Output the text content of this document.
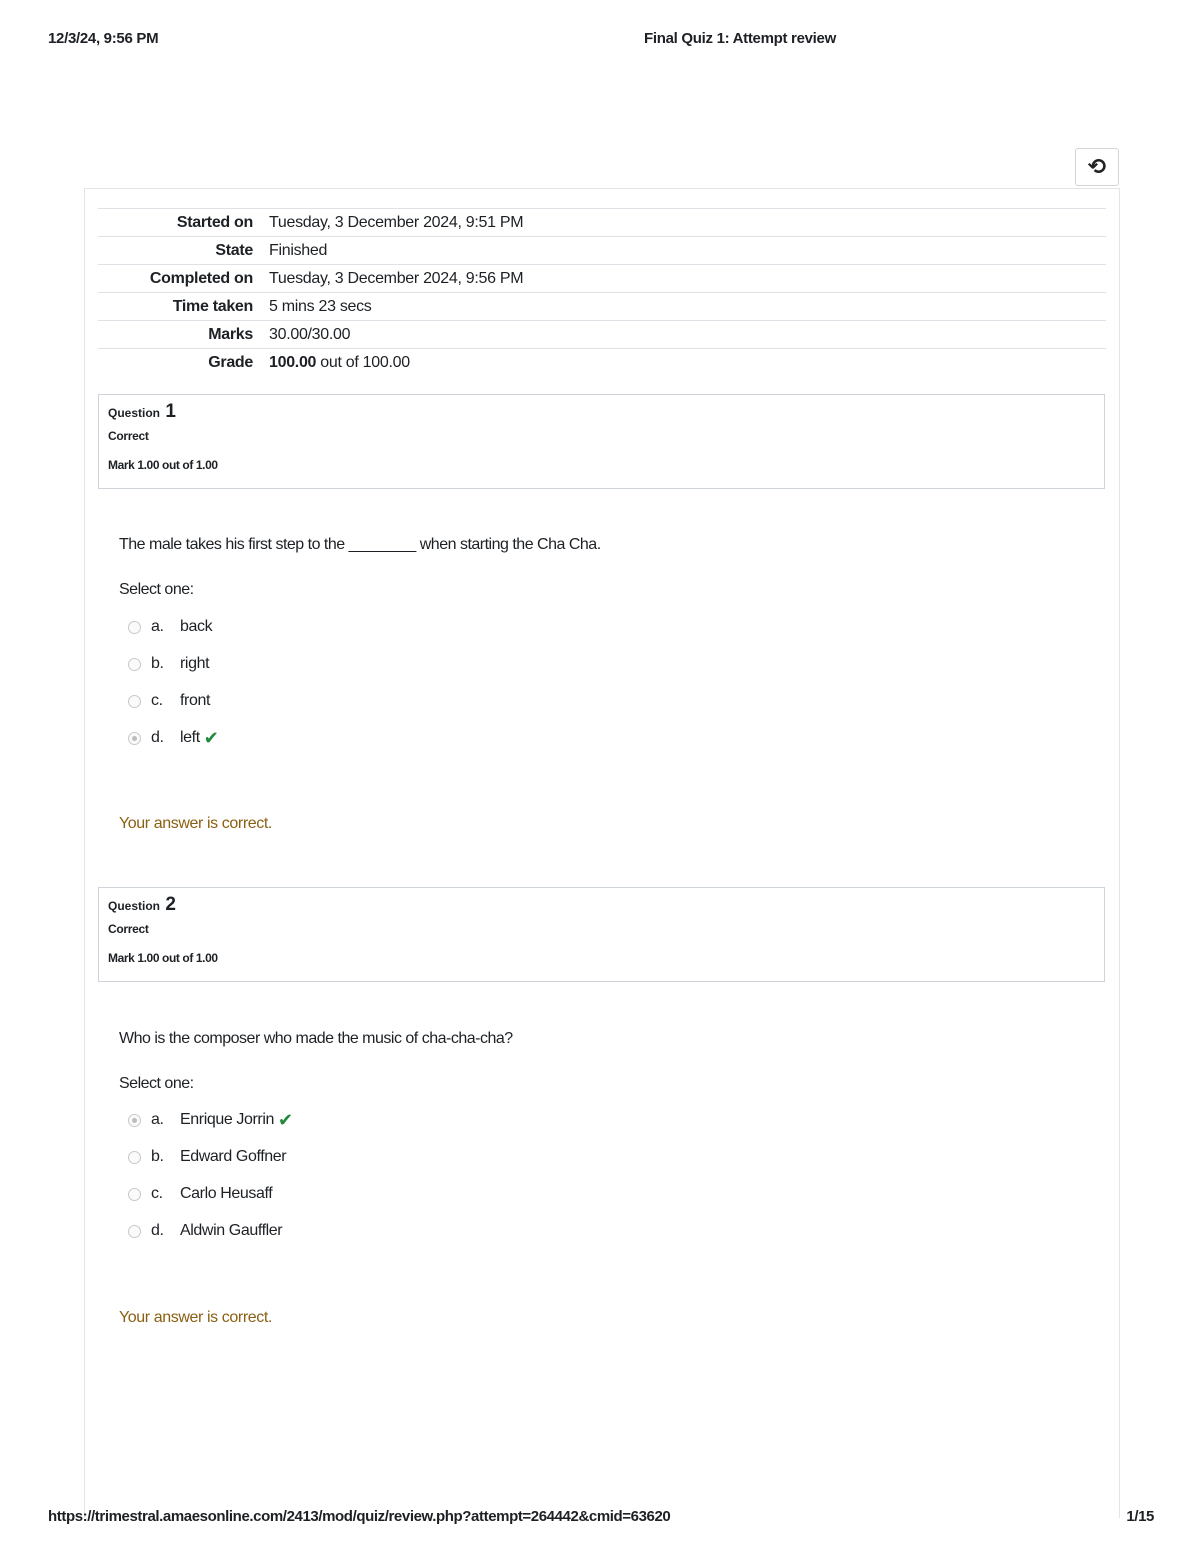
12/3/24, 9:56 PM	Final Quiz 1: Attempt review
⟲
Started on	Tuesday, 3 December 2024, 9:51 PM
State	Finished
Completed on	Tuesday, 3 December 2024, 9:56 PM
Time taken	5 mins 23 secs
Marks	30.00/30.00
Grade	100.00 out of 100.00
Question 1
Correct
Mark 1.00 out of 1.00
The male takes his first step to the ________ when starting the Cha Cha.
Select one:
a.	back
b.	right
c.	front
d.	left ✔
Your answer is correct.
Question 2
Correct
Mark 1.00 out of 1.00
Who is the composer who made the music of cha-cha-cha?
Select one:
a.	Enrique Jorrin ✔
b.	Edward Goffner
c.	Carlo Heusaff
d.	Aldwin Gauffler
Your answer is correct.
https://trimestral.amaesonline.com/2413/mod/quiz/review.php?attempt=264442&cmid=63620	1/15
